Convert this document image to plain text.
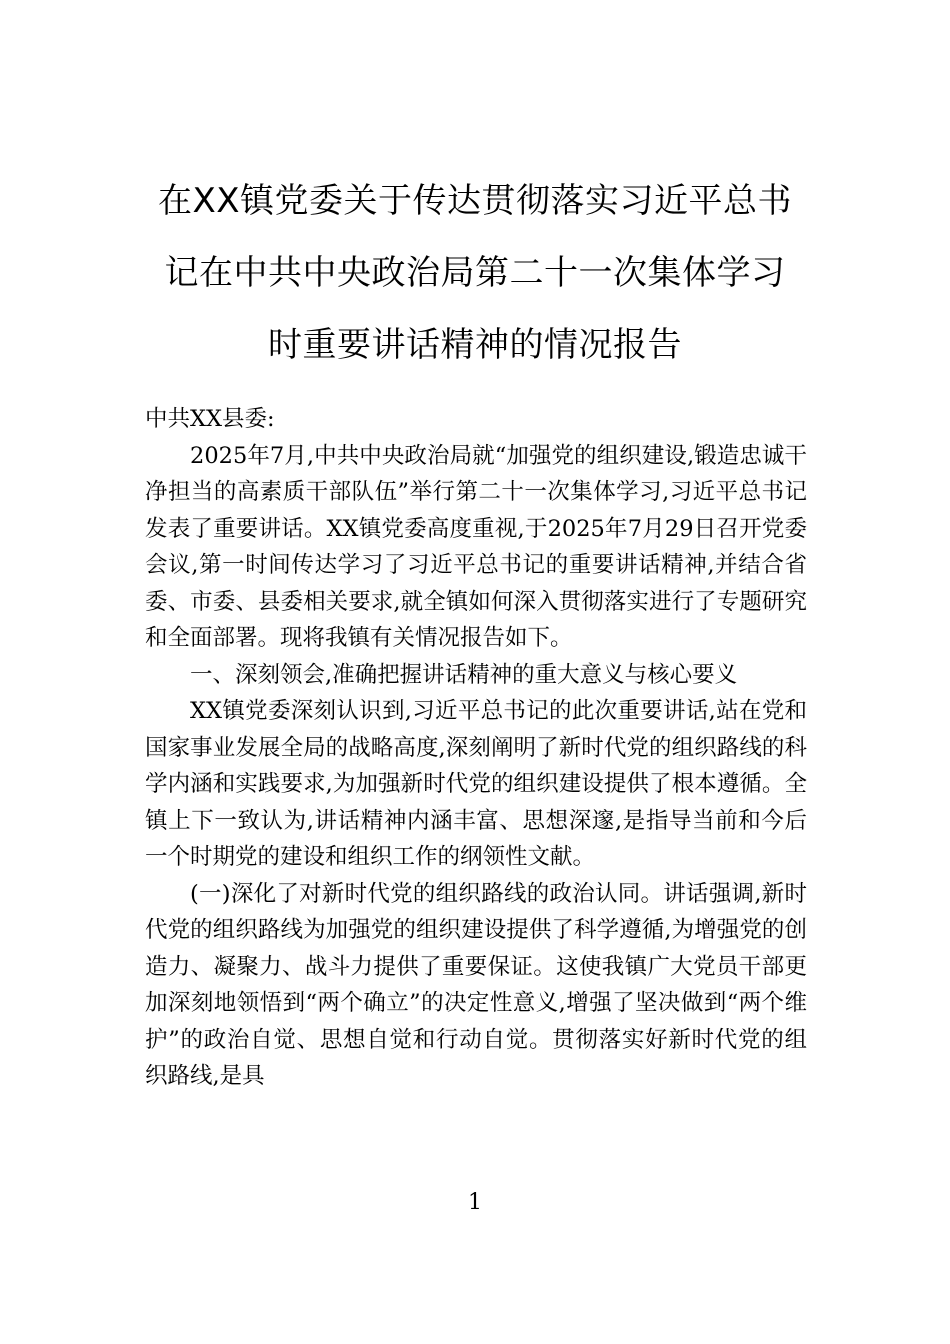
在XX镇党委关于传达贯彻落实习近平总书
记在中共中央政治局第二十一次集体学习
时重要讲话精神的情况报告
中共XX县委:

2025年7月,中共中央政治局就“加强党的组织建设,锻造忠诚干净担当的高素质干部队伍”举行第二十一次集体学习,习近平总书记发表了重要讲话。XX镇党委高度重视,于2025年7月29日召开党委会议,第一时间传达学习了习近平总书记的重要讲话精神,并结合省委、市委、县委相关要求,就全镇如何深入贯彻落实进行了专题研究和全面部署。现将我镇有关情况报告如下。

一、深刻领会,准确把握讲话精神的重大意义与核心要义

XX镇党委深刻认识到,习近平总书记的此次重要讲话,站在党和国家事业发展全局的战略高度,深刻阐明了新时代党的组织路线的科学内涵和实践要求,为加强新时代党的组织建设提供了根本遵循。全镇上下一致认为,讲话精神内涵丰富、思想深邃,是指导当前和今后一个时期党的建设和组织工作的纲领性文献。

(一)深化了对新时代党的组织路线的政治认同。讲话强调,新时代党的组织路线为加强党的组织建设提供了科学遵循,为增强党的创造力、凝聚力、战斗力提供了重要保证。这使我镇广大党员干部更加深刻地领悟到“两个确立”的决定性意义,增强了坚决做到“两个维护”的政治自觉、思想自觉和行动自觉。贯彻落实好新时代党的组织路线,是具

1
